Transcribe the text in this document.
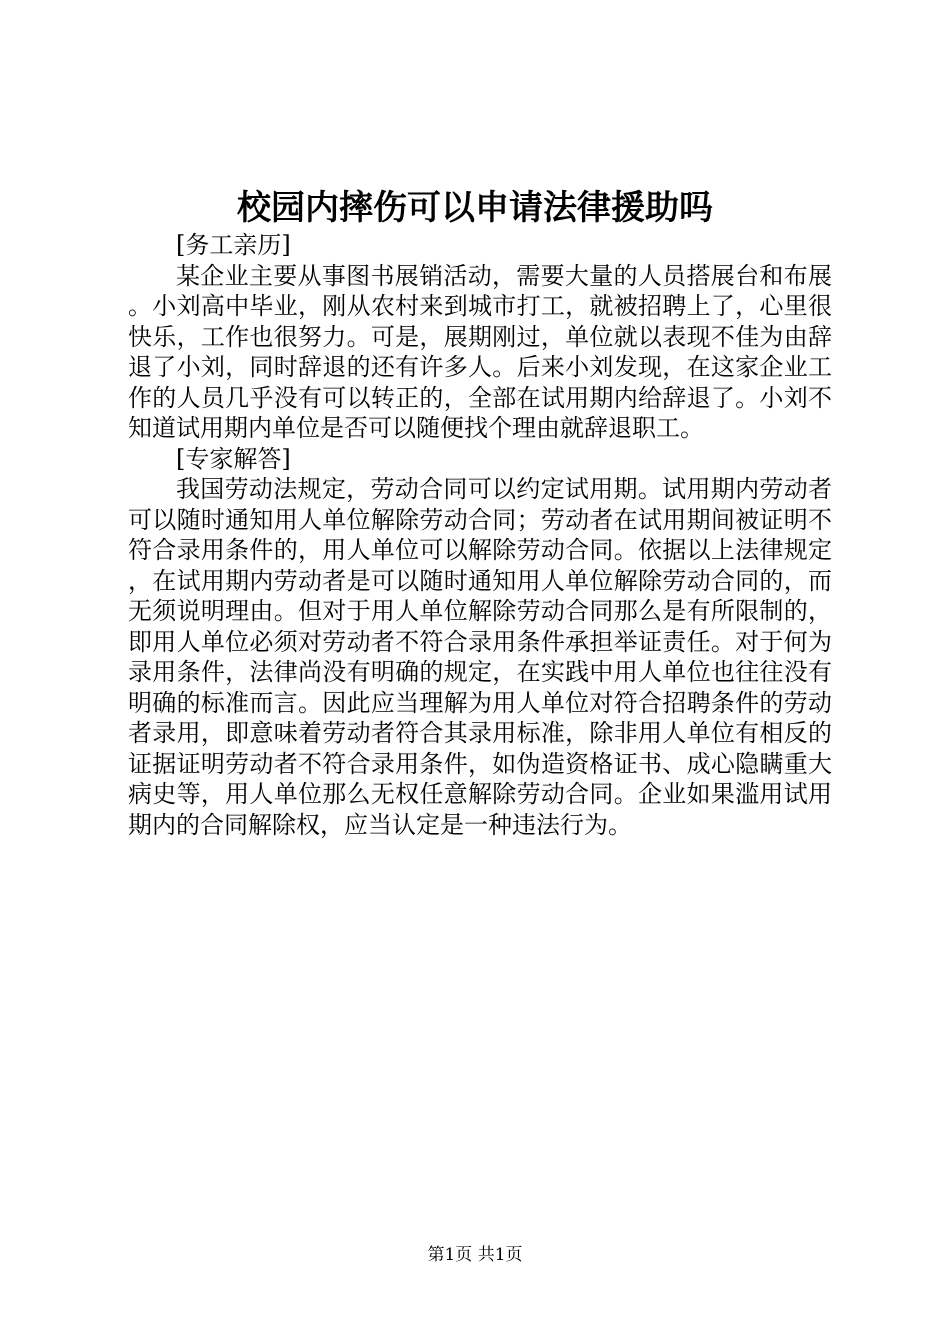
校园内摔伤可以申请法律援助吗

[务工亲历]

某企业主要从事图书展销活动，需要大量的人员搭展台和布展。小刘高中毕业，刚从农村来到城市打工，就被招聘上了，心里很快乐，工作也很努力。可是，展期刚过，单位就以表现不佳为由辞退了小刘，同时辞退的还有许多人。后来小刘发现，在这家企业工作的人员几乎没有可以转正的，全部在试用期内给辞退了。小刘不知道试用期内单位是否可以随便找个理由就辞退职工。

[专家解答]

我国劳动法规定，劳动合同可以约定试用期。试用期内劳动者可以随时通知用人单位解除劳动合同；劳动者在试用期间被证明不符合录用条件的，用人单位可以解除劳动合同。依据以上法律规定，在试用期内劳动者是可以随时通知用人单位解除劳动合同的，而无须说明理由。但对于用人单位解除劳动合同那么是有所限制的，即用人单位必须对劳动者不符合录用条件承担举证责任。对于何为录用条件，法律尚没有明确的规定，在实践中用人单位也往往没有明确的标准而言。因此应当理解为用人单位对符合招聘条件的劳动者录用，即意味着劳动者符合其录用标准，除非用人单位有相反的证据证明劳动者不符合录用条件，如伪造资格证书、成心隐瞒重大病史等，用人单位那么无权任意解除劳动合同。企业如果滥用试用期内的合同解除权，应当认定是一种违法行为。

第1页 共1页
